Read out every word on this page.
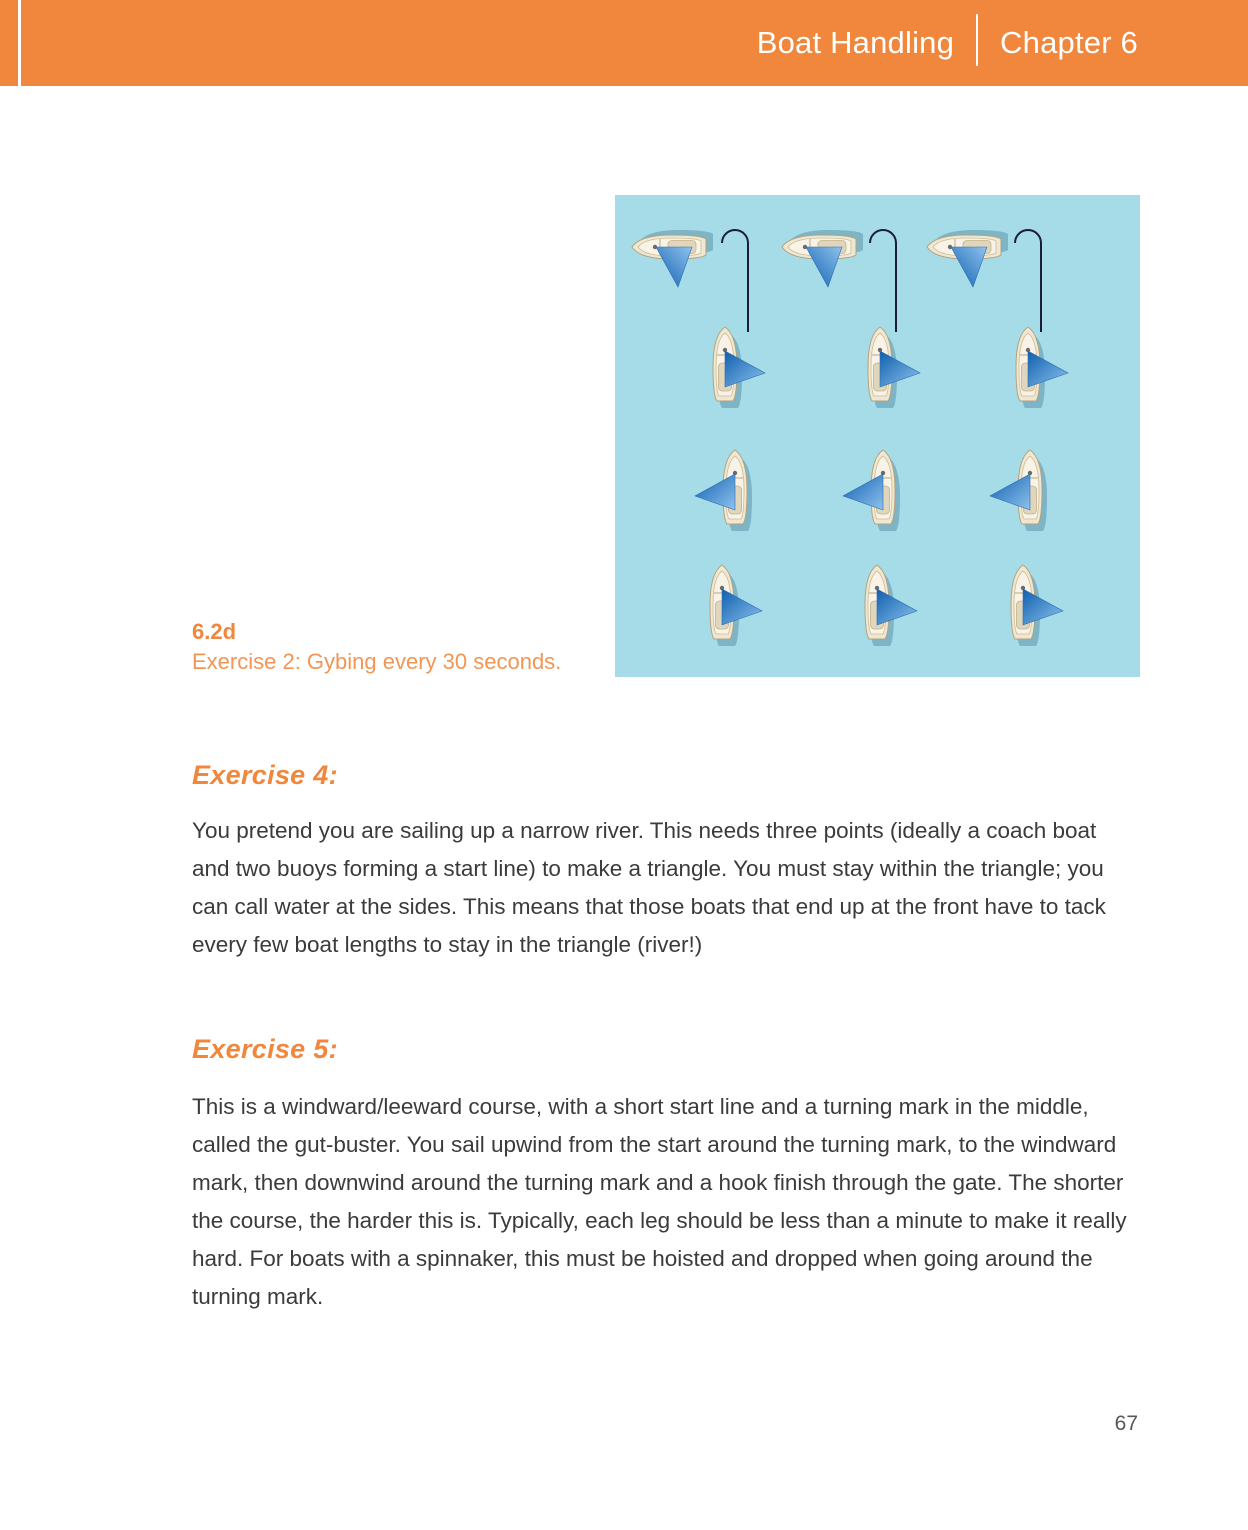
Boat Handling Chapter 6
6.2d
Exercise 2: Gybing every 30 seconds.
Exercise 4:

You pretend you are sailing up a narrow river. This needs three points (ideally a coach boat and two buoys forming a start line) to make a triangle. You must stay within the triangle; you can call water at the sides. This means that those boats that end up at the front have to tack every few boat lengths to stay in the triangle (river!)

Exercise 5:

This is a windward/leeward course, with a short start line and a turning mark in the middle, called the gut-buster. You sail upwind from the start around the turning mark, to the windward mark, then downwind around the turning mark and a hook finish through the gate. The shorter the course, the harder this is. Typically, each leg should be less than a minute to make it really hard. For boats with a spinnaker, this must be hoisted and dropped when going around the turning mark.

67
